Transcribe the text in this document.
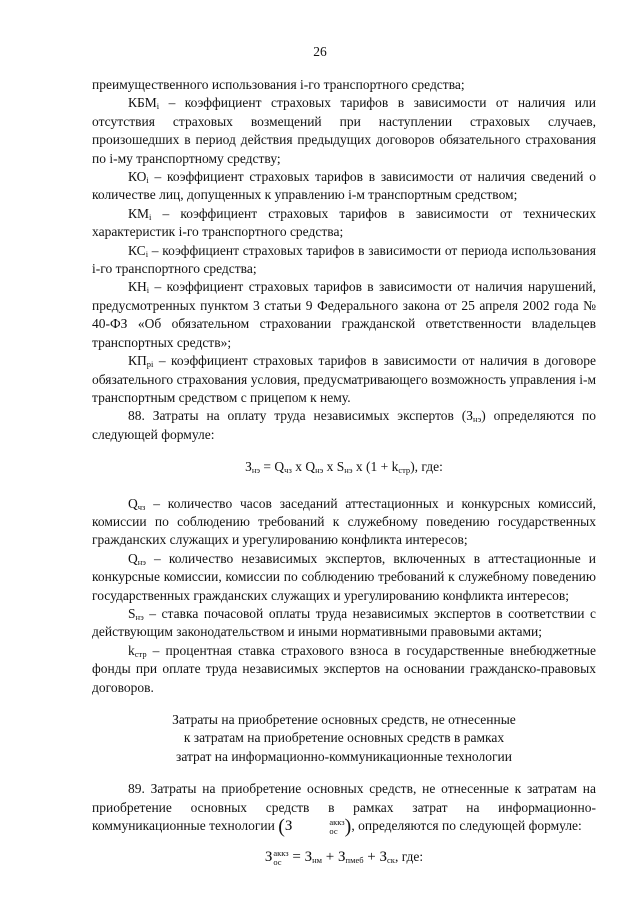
26

преимущественного использования i-го транспортного средства;

$КБМ_i$ – коэффициент страховых тарифов в зависимости от наличия или отсутствия страховых возмещений при наступлении страховых случаев, произошедших в период действия предыдущих договоров обязательного страхования по i-му транспортному средству;

$КО_i$ – коэффициент страховых тарифов в зависимости от наличия сведений о количестве лиц, допущенных к управлению i-м транспортным средством;

$КМ_i$ – коэффициент страховых тарифов в зависимости от технических характеристик i-го транспортного средства;

$КС_i$ – коэффициент страховых тарифов в зависимости от периода использования i-го транспортного средства;

$КН_i$ – коэффициент страховых тарифов в зависимости от наличия нарушений, предусмотренных пунктом 3 статьи 9 Федерального закона от 25 апреля 2002 года № 40-ФЗ «Об обязательном страховании гражданской ответственности владельцев транспортных средств»;

$КП_{рi}$ – коэффициент страховых тарифов в зависимости от наличия в договоре обязательного страхования условия, предусматривающего возможность управления i-м транспортным средством с прицепом к нему.

88. Затраты на оплату труда независимых экспертов $(З_{нэ})$ определяются по следующей формуле:

$З_{нэ} = Q_{чз}$ x $Q_{нэ}$ x $S_{нэ}$ x $(1 + k_{стр})$, где:

$Q_{чз}$ – количество часов заседаний аттестационных и конкурсных комиссий, комиссии по соблюдению требований к служебному поведению государственных гражданских служащих и урегулированию конфликта интересов;

$Q_{нэ}$ – количество независимых экспертов, включенных в аттестационные и конкурсные комиссии, комиссии по соблюдению требований к служебному поведению государственных гражданских служащих и урегулированию конфликта интересов;

$S_{нэ}$ – ставка почасовой оплаты труда независимых экспертов в соответствии с действующим законодательством и иными нормативными правовыми актами;

$k_{стр}$ – процентная ставка страхового взноса в государственные внебюджетные фонды при оплате труда независимых экспертов на основании гражданско-правовых договоров.

Затраты на приобретение основных средств, не отнесенные
к затратам на приобретение основных средств в рамках
затрат на информационно-коммуникационные технологии

89. Затраты на приобретение основных средств, не отнесенные к затратам на приобретение основных средств в рамках затрат на информационно-коммуникационные технологии (З	аккз
ос ), определяются по следующей формуле:

З аккз
ос = $З_{нм} + З_{пмеб} + З_{ск}$, где:
